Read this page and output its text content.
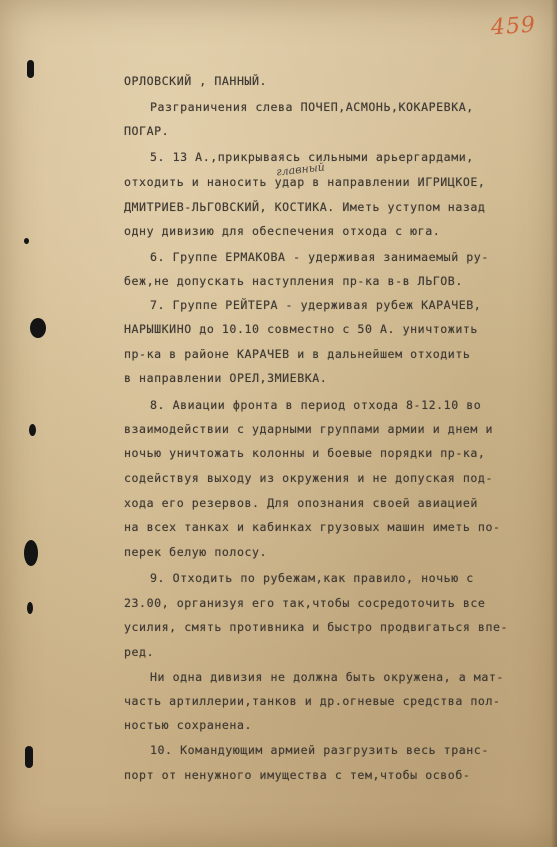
459
главный
ОРЛОВСКИЙ , ПАННЫЙ.
Разграничения слева ПОЧЕП,АСМОНЬ,КОКАРЕВКА,
ПОГАР.
5. 13 А.,прикрываясь сильными арьергардами,
отходить и наносить удар в направлении ИГРИЦКОЕ,
ДМИТРИЕВ-ЛЬГОВСКИЙ, КОСТИКА. Иметь уступом назад
одну дивизию для обеспечения отхода с юга.
6. Группе ЕРМАКОВА - удерживая занимаемый ру-
беж,не допускать наступления пр-ка в-в ЛЬГОВ.
7. Группе РЕЙТЕРА - удерживая рубеж КАРАЧЕВ,
НАРЫШКИНО до 10.10 совместно с 50 А. уничтожить
пр-ка в районе КАРАЧЕВ и в дальнейшем отходить
в направлении ОРЕЛ,ЗМИЕВКА.
8. Авиации фронта в период отхода 8-12.10 во
взаимодействии с ударными группами армии и днем и
ночью уничтожать колонны и боевые порядки пр-ка,
содействуя выходу из окружения и не допуская под-
хода его резервов. Для опознания своей авиацией
на всех танках и кабинках грузовых машин иметь по-
перек белую полосу.
9. Отходить по рубежам,как правило, ночью с
23.00, организуя его так,чтобы сосредоточить все
усилия, смять противника и быстро продвигаться впе-
ред.
Ни одна дивизия не должна быть окружена, а мат-
часть артиллерии,танков и др.огневые средства пол-
ностью сохранена.
10. Командующим армией разгрузить весь транс-
порт от ненужного имущества с тем,чтобы освоб-
